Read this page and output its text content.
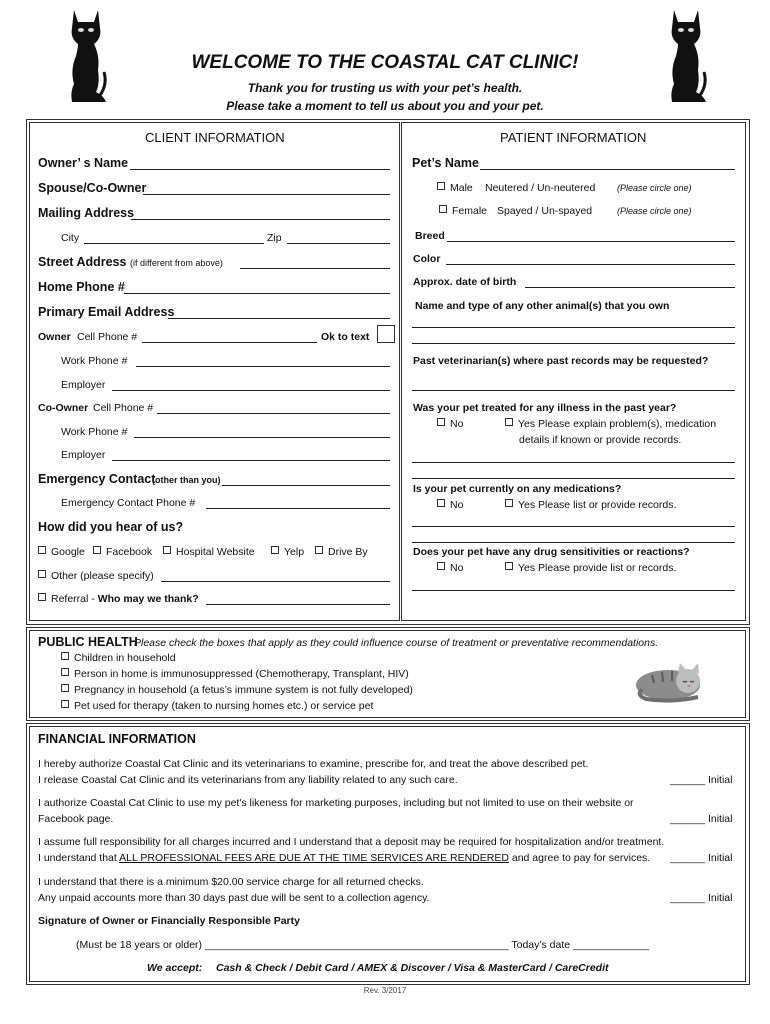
WELCOME TO THE COASTAL CAT CLINIC!
Thank you for trusting us with your pet’s health.
Please take a moment to tell us about you and your pet.
CLIENT INFORMATION
Owner’ s Name
Spouse/Co-Owner
Mailing Address
City	Zip
Street Address (if different from above)
Home Phone #
Primary Email Address
Owner Cell Phone #	Ok to text
Work Phone #
Employer
Co-Owner Cell Phone #
Work Phone #
Employer
Emergency Contact
(other than you)
Emergency Contact Phone #
How did you hear of us?
Google	Facebook	Hospital Website	Yelp	Drive By
Other (please specify)
Referral - Who may we thank?
PATIENT INFORMATION
Pet’s Name
Male Neutered / Un-neutered (Please circle one)
Female Spayed / Un-spayed	(Please circle one)
Breed
Color
Approx. date of birth
Name and type of any other animal(s) that you own
Past veterinarian(s) where past records may be requested?
Was your pet treated for any illness in the past year?
No	Yes Please explain problem(s), medication
details if known or provide records.
Is your pet currently on any medications?
No	Yes Please list or provide records.
Does your pet have any drug sensitivities or reactions?
No	Yes Please provide list or records.
PUBLIC HEALTH
Please check the boxes that apply as they could influence course of treatment or preventative recommendations.
Children in household
Person in home is immunosuppressed (Chemotherapy, Transplant, HIV)
Pregnancy in household (a fetus’s immune system is not fully developed)
Pet used for therapy (taken to nursing homes etc.) or service pet
FINANCIAL INFORMATION
I hereby authorize Coastal Cat Clinic and its veterinarians to examine, prescribe for, and treat the above described pet.
I release Coastal Cat Clinic and its veterinarians from any liability related to any such care.	______ Initial
I authorize Coastal Cat Clinic to use my pet's likeness for marketing purposes, including but not limited to use on their website or
Facebook page.	______ Initial
I assume full responsibility for all charges incurred and I understand that a deposit may be required for hospitalization and/or treatment.
I understand that ALL PROFESSIONAL FEES ARE DUE AT THE TIME SERVICES ARE RENDERED and agree to pay for services. ______ Initial
I understand that there is a minimum $20.00 service charge for all returned checks.
Any unpaid accounts more than 30 days past due will be sent to a collection agency.	______ Initial
Signature of Owner or Financially Responsible Party
(Must be 18 years or older) ____________________________________________________ Today’s date _____________
We accept: Cash & Check / Debit Card / AMEX & Discover / Visa & MasterCard / CareCredit
Rev. 3/2017
